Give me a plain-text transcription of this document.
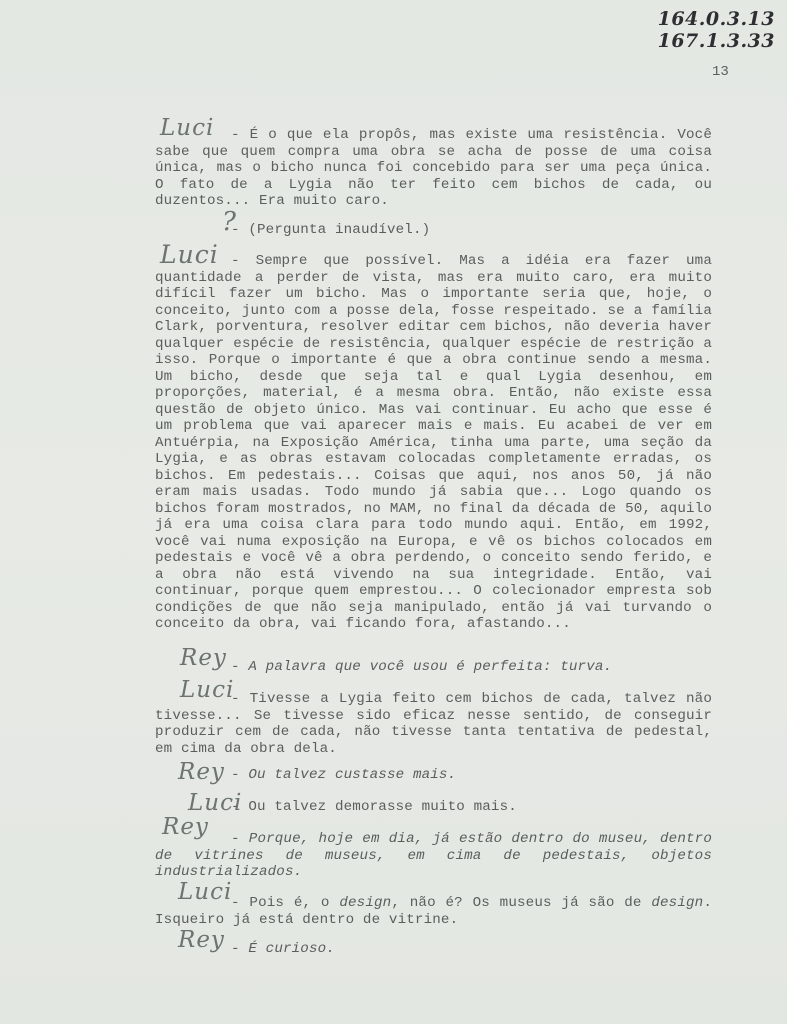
164.0.3.13
167.1.3.33
13
Luci	- É o que ela propôs, mas existe uma resistência. Você sabe que quem compra uma obra se acha de posse de uma coisa única, mas o bicho nunca foi concebido para ser uma peça única. O fato de a Lygia não ter feito cem bichos de cada, ou duzentos... Era muito caro.

?

- (Pergunta inaudível.)

Luci - Sempre que possível. Mas a idéia era fazer uma quantidade a perder de vista, mas era muito caro, era muito difícil fazer um bicho. Mas o importante seria que, hoje, o conceito, junto com a posse dela, fosse respeitado. se a família Clark, porventura, resolver editar cem bichos, não deveria haver qualquer espécie de resistência, qualquer espécie de restrição a isso. Porque o importante é que a obra continue sendo a mesma. Um bicho, desde que seja tal e qual Lygia desenhou, em proporções, material, é a mesma obra. Então, não existe essa questão de objeto único. Mas vai continuar. Eu acho que esse é um problema que vai aparecer mais e mais. Eu acabei de ver em Antuérpia, na Exposição América, tinha uma parte, uma seção da Lygia, e as obras estavam colocadas completamente erradas, os bichos. Em pedestais... Coisas que aqui, nos anos 50, já não eram mais usadas. Todo mundo já sabia que... Logo quando os bichos foram mostrados, no MAM, no final da década de 50, aquilo já era uma coisa clara para todo mundo aqui. Então, em 1992, você vai numa exposição na Europa, e vê os bichos colocados em pedestais e você vê a obra perdendo, o conceito sendo ferido, e a obra não está vivendo na sua integridade. Então, vai continuar, porque quem emprestou... O colecionador empresta sob condições de que não seja manipulado, então já vai turvando o conceito da obra, vai ficando fora, afastando...

Rey - A palavra que você usou é perfeita: turva.

Luci

- Tivesse a Lygia feito cem bichos de cada, talvez não tivesse... Se tivesse sido eficaz nesse sentido, de conseguir produzir cem de cada, não tivesse tanta tentativa de pedestal, em cima da obra dela.

Rey - Ou talvez custasse mais.

Luci

- Ou talvez demorasse muito mais.

Rey	- Porque, hoje em dia, já estão dentro do museu, dentro de vitrines de museus, em cima de pedestais, objetos industrializados.

Luci

- Pois é, o design, não é? Os museus já são de design. Isqueiro já está dentro de vitrine.

Rey - É curioso.
